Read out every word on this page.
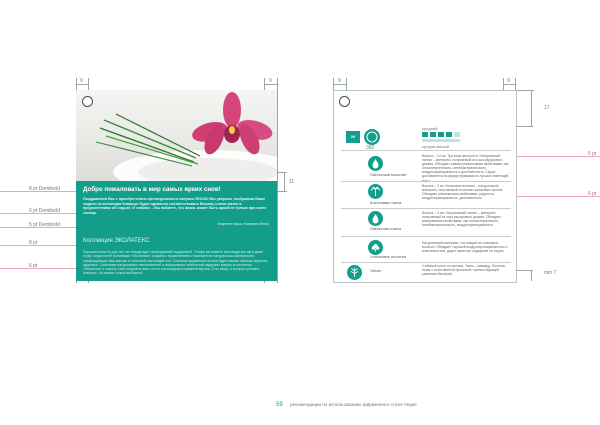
9	9
11
8 pt Demibold
6 pt Demibold
5 pt Demibold
8 pt
6 pt
Добро пожаловать в мир самых ярких снов!
Поздравляем Вас с приобретением ортопедического матраса VEGAS! Мы уверены, выбранная Вами модель из коллекции Комфорт будет идеально соответствовать Вашему стилю жизни и предпочтениям об отдыхе. И главное – Вы поймете, что жизнь может быть яркой не только при свете солнца.
Искренне ваши, Компания Вегас
Коллекция ЭКОЛАТЕКС
Хорошая новость для тех, кто всегда идет непрерывный поддержкой. Теперь вы можете наслаждаться им в даже тогда, когда спите! Коллекция «Эколатекс» создана с применением сторонцентно натуральных материалов, превращающих ваш матрас в отличный настоящий сон. Стальная пружинная основа будет вашим первым гарантом здоровья. Сочетание натуральных наполнителей и специальных технологий задержат матрас в состоянии «Экология» и помогут нам сохранить ваш сон по-настоящему в прежней версии. Есть вещи, в которых условно покорять. Их можно только выбирать!
9	9
17
min 7
5 pt
6 pt
20
360
средний
средне-мягкий
Латексный монолит
Высота – 14 см. Три зоны жесткости. Натуральный латекс – материал, получаемый из сока каучукового дерева. Обладает такими уникальными свойствами, как гипоаллергенность, антибактериальность, воздухопроницаемость и долговечность. Сырье доставляется на фирму прямиком из лучших плантаций мира.
Кокосовая плита
Высота – 3 см. Кокосовое волокно – натуральный материал, получаемый из спелых кокосовых орехов. Обладает уникальными свойствами: упругость, воздухопроницаемость, долговечность.
Латексная плита
Высота – 3 см. Натуральный латекс – материал, получаемый из сока каучукового дерева. Обладает уникальными свойствами, как гипоаллергенность, антибактериальность, воздухопроницаемость.
Хлопковое полотно
Натуральный материал, состоящий из хлопковых волокон. Обладает хорошей воздухопроницаемостью и влагоемкостью, дарит приятное ощущение на ощупь.
Чехол
Съёмный чехол на молнии. Ткань – жаккард. Плотная ткань с естественной пропиткой, препятствующей развитию бактерий.
59 рекомендации по использованию фирменного стиля Vegas
